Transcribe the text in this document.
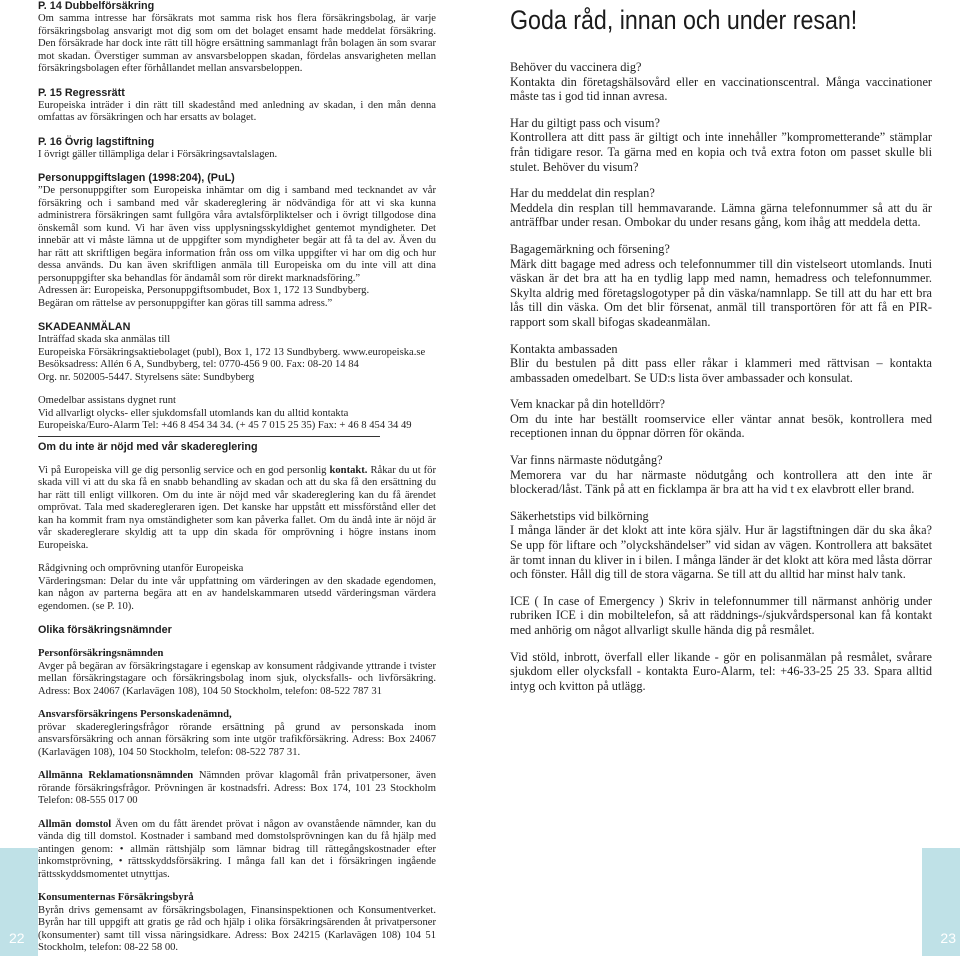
P. 14 Dubbelförsäkring

Om samma intresse har försäkrats mot samma risk hos flera försäkringsbolag, är varje försäkringsbolag ansvarigt mot dig som om det bolaget ensamt hade meddelat försäkring. Den försäkrade har dock inte rätt till högre ersättning sammanlagt från bolagen än som svarar mot skadan. Överstiger summan av ansvarsbeloppen skadan, fördelas ansvarigheten mellan försäkringsbolagen efter förhållandet mellan ansvarsbeloppen.

P. 15 Regressrätt

Europeiska inträder i din rätt till skadestånd med anledning av skadan, i den mån denna omfattas av försäkringen och har ersatts av bolaget.

P. 16 Övrig lagstiftning

I övrigt gäller tillämpliga delar i Försäkringsavtalslagen.

Personuppgiftslagen (1998:204), (PuL)

”De personuppgifter som Europeiska inhämtar om dig i samband med tecknandet av vår försäkring och i samband med vår skadereglering är nödvändiga för att vi ska kunna administrera försäkringen samt fullgöra våra avtalsförpliktelser och i övrigt tillgodose dina önskemål som kund. Vi har även viss upplysningsskyldighet gentemot myndigheter. Det innebär att vi måste lämna ut de uppgifter som myndigheter begär att få ta del av. Även du har rätt att skriftligen begära information från oss om vilka uppgifter vi har om dig och hur dessa används. Du kan även skriftligen anmäla till Europeiska om du inte vill att dina personuppgifter ska behandlas för ändamål som rör direkt marknadsföring.”

Adressen är: Europeiska, Personuppgiftsombudet, Box 1, 172 13 Sundbyberg.

Begäran om rättelse av personuppgifter kan göras till samma adress.”

SKADEANMÄLAN

Inträffad skada ska anmälas till

Europeiska Försäkringsaktiebolaget (publ), Box 1, 172 13 Sundbyberg. www.europeiska.se

Besöksadress: Allén 6 A, Sundbyberg, tel: 0770-456 9 00. Fax: 08-20 14 84

Org. nr. 502005-5447. Styrelsens säte: Sundbyberg

Omedelbar assistans dygnet runt

Vid allvarligt olycks- eller sjukdomsfall utomlands kan du alltid kontakta

Europeiska/Euro-Alarm Tel: +46 8 454 34 34. (+ 45 7 015 25 35) Fax: + 46 8 454 34 49

Om du inte är nöjd med vår skadereglering

Vi på Europeiska vill ge dig personlig service och en god personlig kontakt. Råkar du ut för skada vill vi att du ska få en snabb behandling av skadan och att du ska få den ersättning du har rätt till enligt villkoren. Om du inte är nöjd med vår skadereglering kan du få ärendet omprövat. Tala med skaderegleraren igen. Det kanske har uppstått ett missförstånd eller det kan ha kommit fram nya omständigheter som kan påverka fallet. Om du ändå inte är nöjd är vår skadereglerare skyldig att ta upp din skada för omprövning i högre instans inom Europeiska.

Rådgivning och omprövning utanför Europeiska

Värderingsman: Delar du inte vår uppfattning om värderingen av den skadade egendomen, kan någon av parterna begära att en av handelskammaren utsedd värderingsman värdera egendomen. (se P. 10).

Olika försäkringsnämnder

Personförsäkringsnämnden

Avger på begäran av försäkringstagare i egenskap av konsument rådgivande yttrande i tvister mellan försäkringstagare och försäkringsbolag inom sjuk, olycksfalls- och livförsäkring. Adress: Box 24067 (Karlavägen 108), 104 50 Stockholm, telefon: 08-522 787 31

Ansvarsförsäkringens Personskadenämnd,

prövar skaderegleringsfrågor rörande ersättning på grund av personskada inom ansvarsförsäkring och annan försäkring som inte utgör trafikförsäkring. Adress: Box 24067 (Karlavägen 108), 104 50 Stockholm, telefon: 08-522 787 31.

Allmänna Reklamationsnämnden Nämnden prövar klagomål från privatpersoner, även rörande försäkringsfrågor. Prövningen är kostnadsfri. Adress: Box 174, 101 23 Stockholm Telefon: 08-555 017 00

Allmän domstol Även om du fått ärendet prövat i någon av ovanstående nämnder, kan du vända dig till domstol. Kostnader i samband med domstolsprövningen kan du få hjälp med antingen genom: • allmän rättshjälp som lämnar bidrag till rättegångskostnader efter inkomstprövning, • rättsskyddsförsäkring. I många fall kan det i försäkringen ingående rättsskyddsmomentet utnyttjas.

Konsumenternas Försäkringsbyrå

Byrån drivs gemensamt av försäkringsbolagen, Finansinspektionen och Konsumentverket. Byrån har till uppgift att gratis ge råd och hjälp i olika försäkringsärenden åt privatpersoner (konsumenter) samt till vissa näringsidkare. Adress: Box 24215 (Karlavägen 108) 104 51 Stockholm, telefon: 08-22 58 00.

Goda råd, innan och under resan!

Behöver du vaccinera dig?

Kontakta din företagshälsovård eller en vaccinationscentral. Många vaccinationer måste tas i god tid innan avresa.

Har du giltigt pass och visum?

Kontrollera att ditt pass är giltigt och inte innehåller ”komprometterande” stämplar från tidigare resor. Ta gärna med en kopia och två extra foton om passet skulle bli stulet. Behöver du visum?

Har du meddelat din resplan?

Meddela din resplan till hemmavarande. Lämna gärna telefonnummer så att du är anträffbar under resan. Ombokar du under resans gång, kom ihåg att meddela detta.

Bagagemärkning och försening?

Märk ditt bagage med adress och telefonnummer till din vistelseort utomlands. Inuti väskan är det bra att ha en tydlig lapp med namn, hemadress och telefonnummer. Skylta aldrig med företagslogotyper på din väska/namnlapp. Se till att du har ett bra lås till din väska. Om det blir försenat, anmäl till transportören för att få en PIR-rapport som skall bifogas skadeanmälan.

Kontakta ambassaden

Blir du bestulen på ditt pass eller råkar i klammeri med rättvisan – kontakta ambassaden omedelbart. Se UD:s lista över ambassader och konsulat.

Vem knackar på din hotelldörr?

Om du inte har beställt roomservice eller väntar annat besök, kontrollera med receptionen innan du öppnar dörren för okända.

Var finns närmaste nödutgång?

Memorera var du har närmaste nödutgång och kontrollera att den inte är blockerad/låst. Tänk på att en ficklampa är bra att ha vid t ex elavbrott eller brand.

Säkerhetstips vid bilkörning

I många länder är det klokt att inte köra själv. Hur är lagstiftningen där du ska åka? Se upp för liftare och ”olyckshändelser” vid sidan av vägen. Kontrollera att baksätet är tomt innan du kliver in i bilen. I många länder är det klokt att köra med låsta dörrar och fönster. Håll dig till de stora vägarna. Se till att du alltid har minst halv tank.

ICE ( In case of Emergency ) Skriv in telefonnummer till närmanst anhörig under rubriken ICE i din mobiltelefon, så att räddnings-/sjukvårdspersonal kan få kontakt med anhörig om något allvarligt skulle hända dig på resmålet.

Vid stöld, inbrott, överfall eller likande - gör en polisanmälan på resmålet, svårare sjukdom eller olycksfall - kontakta Euro-Alarm, tel: +46-33-25 25 33. Spara alltid intyg och kvitton på utlägg.

22	23
